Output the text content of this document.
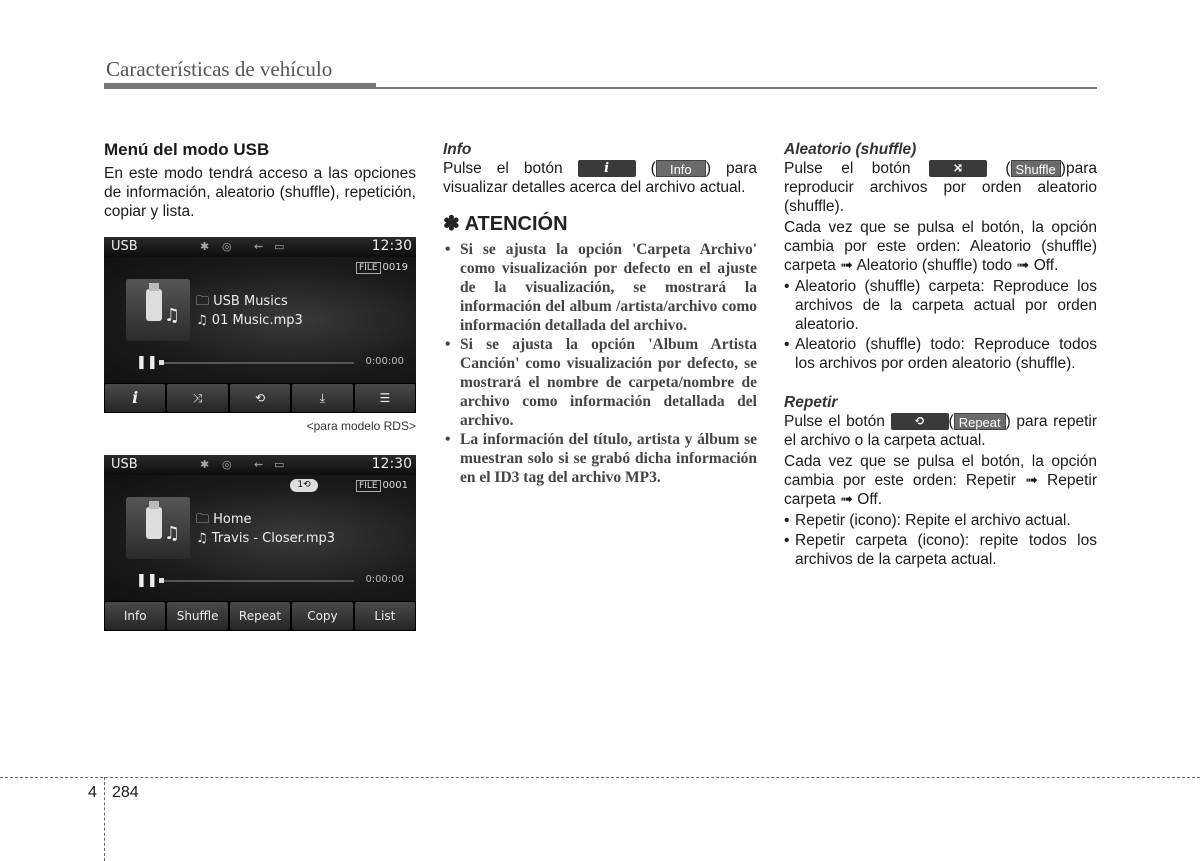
Características de vehículo
Menú del modo USB

En este modo tendrá acceso a las opciones de información, aleatorio (shuffle), repetición, copiar y lista.

USB	✱ ◎ ⇜ ▭	12:30
♫
FILE 0019
🗀 USB Musics
♫ 01 Music.mp3
❚❚	0:00:00
i	⤨	⟲	⤓	☰
<para modelo RDS>
USB	✱ ◎ ⇜ ▭	12:30
1⟲
♫
FILE 0001
🗀 Home
♫ Travis - Closer.mp3
❚❚	0:00:00
Info	Shuffle	Repeat	Copy	List
Info

Pulse el botón	i ( Info ) para visualizar detalles acerca del archivo actual.

✽ ATENCIÓN
• Si se ajusta la opción 'Carpeta Archivo' como visualización por defecto en el ajuste de la visualización, se mostrará la información del album /artista/archivo como información detallada del archivo.
• Si se ajusta la opción 'Album Artista Canción' como visualización por defecto, se mostrará el nombre de carpeta/nombre de archivo como información detallada del archivo.
• La información del título, artista y álbum se muestran solo si se grabó dicha información en el ID3 tag del archivo MP3.
Aleatorio (shuffle)

Pulse el botón	⤨ ( Shuffle )para reproducir archivos por orden aleatorio (shuffle).

Cada vez que se pulsa el botón, la opción cambia por este orden: Aleatorio (shuffle) carpeta ➟ Aleatorio (shuffle) todo ➟ Off.

• Aleatorio (shuffle) carpeta: Reproduce los archivos de la carpeta actual por orden aleatorio.
• Aleatorio (shuffle) todo: Reproduce todos los archivos por orden aleatorio (shuffle).
Repetir

Pulse el botón ⟲ ( Repeat ) para repetir el archivo o la carpeta actual.

Cada vez que se pulsa el botón, la opción cambia por este orden: Repetir ➟ Repetir carpeta ➟ Off.

• Repetir (icono): Repite el archivo actual.
• Repetir carpeta (icono): repite todos los archivos de la carpeta actual.
4 284
